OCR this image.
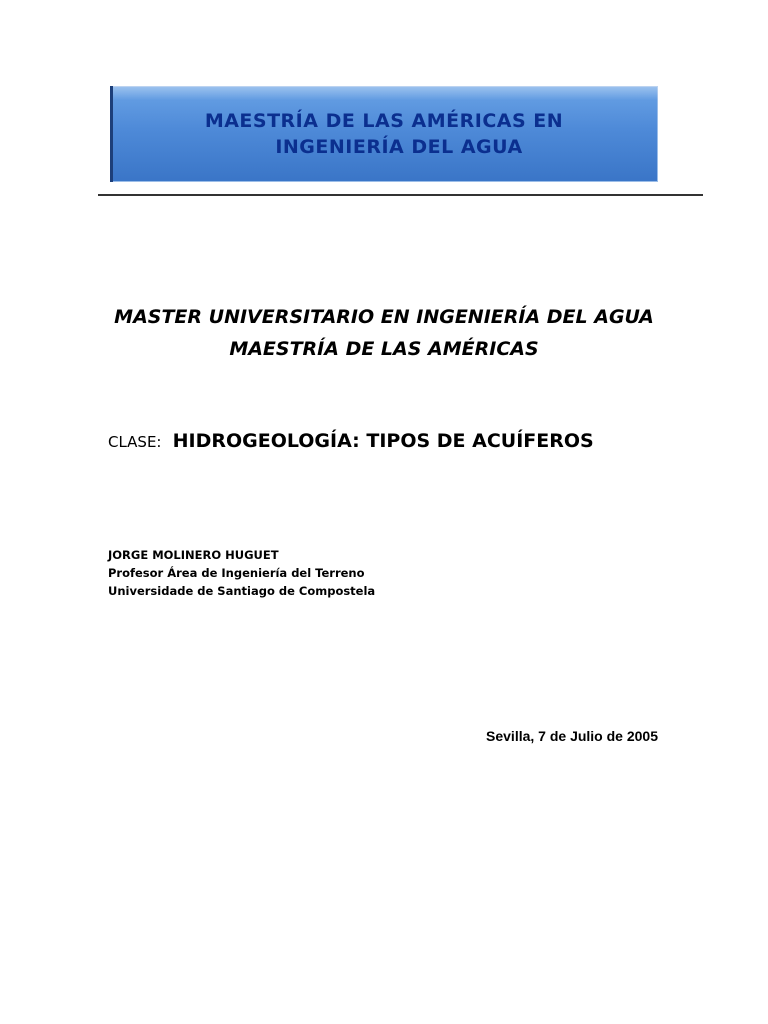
MAESTRÍA DE LAS AMÉRICAS EN
INGENIERÍA DEL AGUA
MASTER UNIVERSITARIO EN INGENIERÍA DEL AGUA
MAESTRÍA DE LAS AMÉRICAS
CLASE: HIDROGEOLOGÍA: TIPOS DE ACUÍFEROS
JORGE MOLINERO HUGUET
Profesor Área de Ingeniería del Terreno
Universidade de Santiago de Compostela
Sevilla, 7 de Julio de 2005
